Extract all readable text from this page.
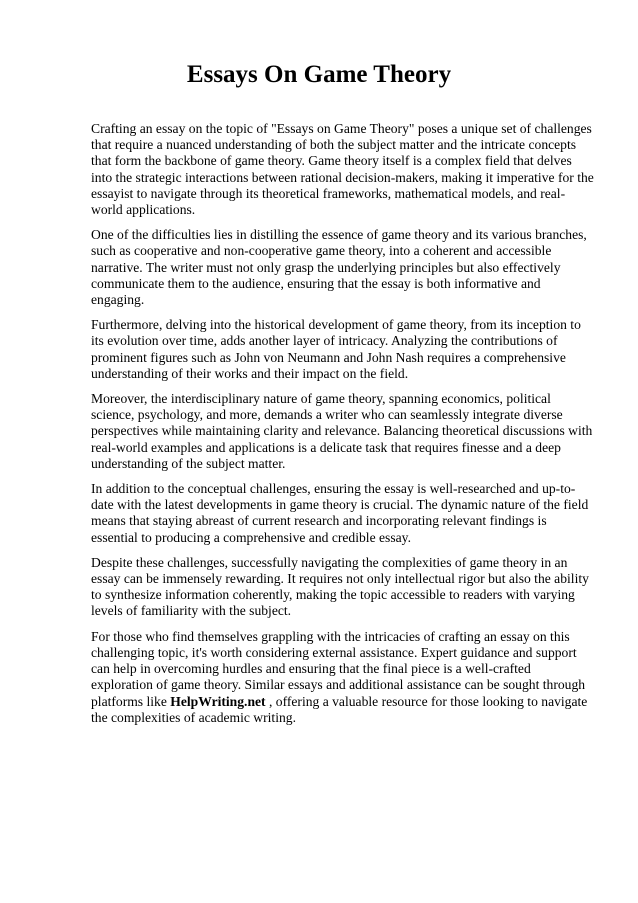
Essays On Game Theory

Crafting an essay on the topic of "Essays on Game Theory" poses a unique set of challenges that require a nuanced understanding of both the subject matter and the intricate concepts that form the backbone of game theory. Game theory itself is a complex field that delves into the strategic interactions between rational decision-makers, making it imperative for the essayist to navigate through its theoretical frameworks, mathematical models, and real-world applications.

One of the difficulties lies in distilling the essence of game theory and its various branches, such as cooperative and non-cooperative game theory, into a coherent and accessible narrative. The writer must not only grasp the underlying principles but also effectively communicate them to the audience, ensuring that the essay is both informative and engaging.

Furthermore, delving into the historical development of game theory, from its inception to its evolution over time, adds another layer of intricacy. Analyzing the contributions of prominent figures such as John von Neumann and John Nash requires a comprehensive understanding of their works and their impact on the field.

Moreover, the interdisciplinary nature of game theory, spanning economics, political science, psychology, and more, demands a writer who can seamlessly integrate diverse perspectives while maintaining clarity and relevance. Balancing theoretical discussions with real-world examples and applications is a delicate task that requires finesse and a deep understanding of the subject matter.

In addition to the conceptual challenges, ensuring the essay is well-researched and up-to-date with the latest developments in game theory is crucial. The dynamic nature of the field means that staying abreast of current research and incorporating relevant findings is essential to producing a comprehensive and credible essay.

Despite these challenges, successfully navigating the complexities of game theory in an essay can be immensely rewarding. It requires not only intellectual rigor but also the ability to synthesize information coherently, making the topic accessible to readers with varying levels of familiarity with the subject.

For those who find themselves grappling with the intricacies of crafting an essay on this challenging topic, it's worth considering external assistance. Expert guidance and support can help in overcoming hurdles and ensuring that the final piece is a well-crafted exploration of game theory. Similar essays and additional assistance can be sought through platforms like HelpWriting.net , offering a valuable resource for those looking to navigate the complexities of academic writing.
